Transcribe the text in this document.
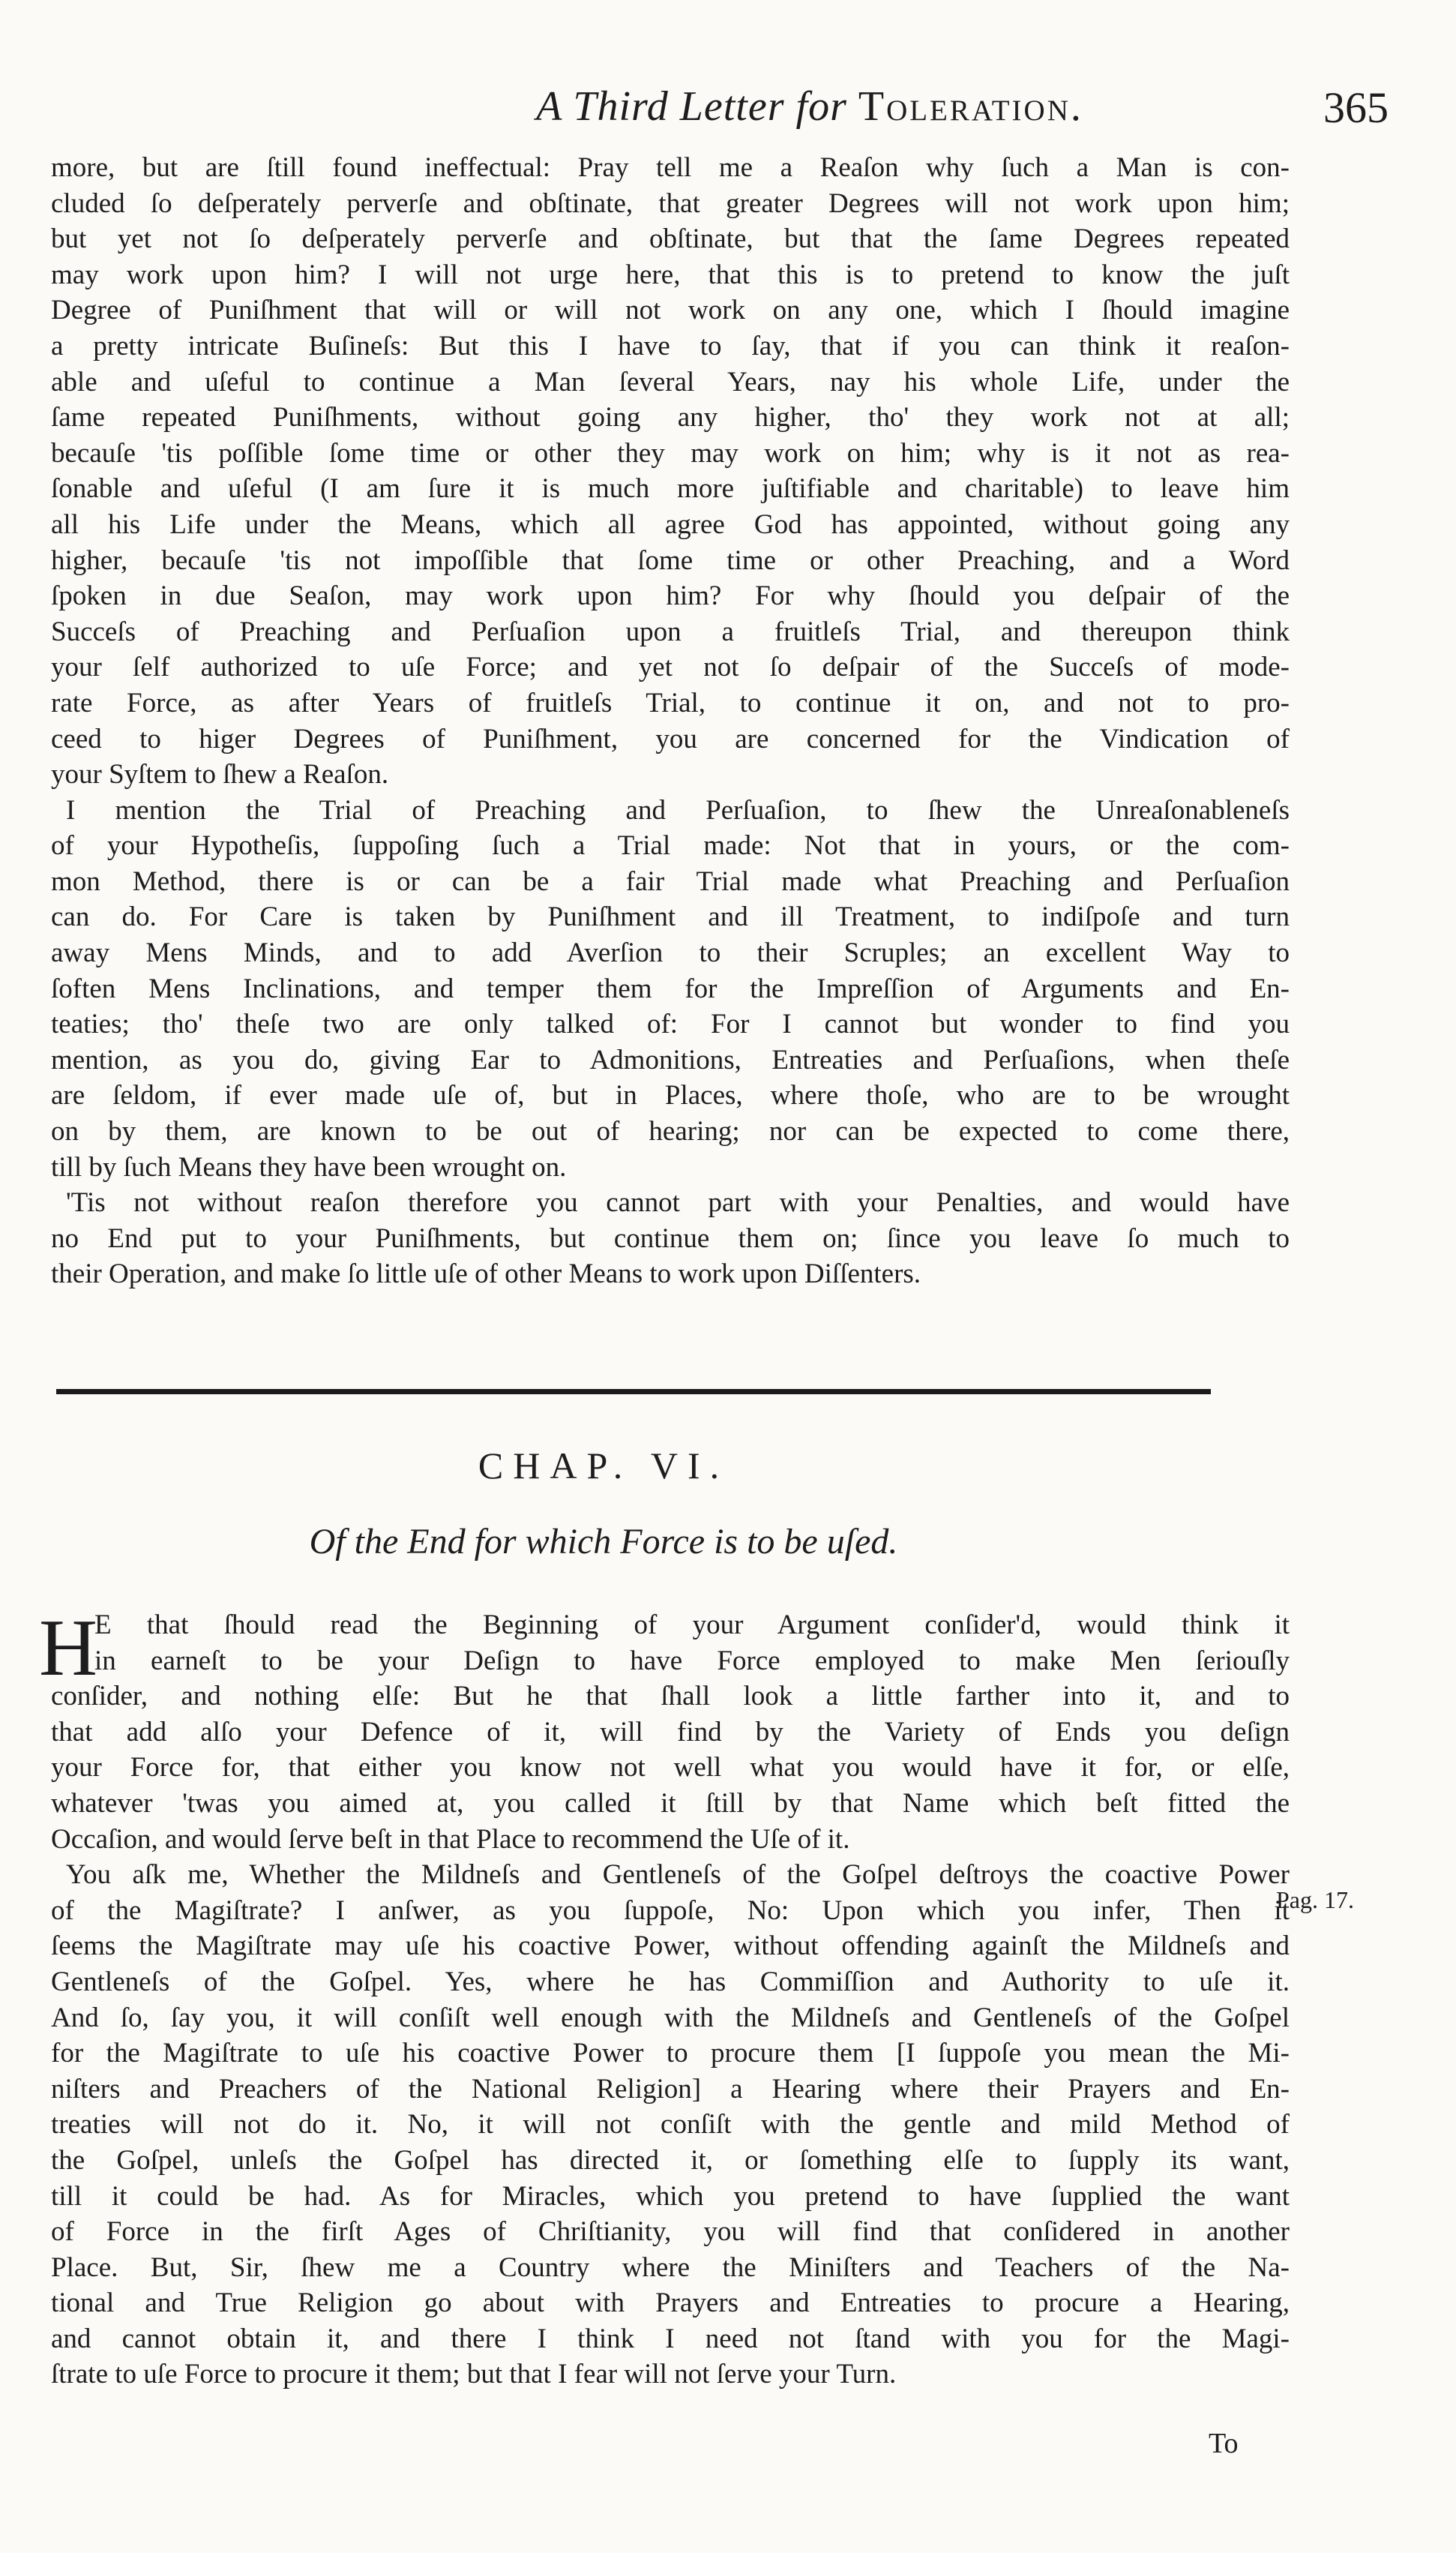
A Third Letter for Toleration.	365
more, but are ſtill found ineffectual: Pray tell me a Reaſon why ſuch a Man is con-
cluded ſo deſperately perverſe and obſtinate, that greater Degrees will not work upon him;
but yet not ſo deſperately perverſe and obſtinate, but that the ſame Degrees repeated
may work upon him? I will not urge here, that this is to pretend to know the juſt
Degree of Puniſhment that will or will not work on any one, which I ſhould imagine
a pretty intricate Buſineſs: But this I have to ſay, that if you can think it reaſon-
able and uſeful to continue a Man ſeveral Years, nay his whole Life, under the
ſame repeated Puniſhments, without going any higher, tho' they work not at all;
becauſe 'tis poſſible ſome time or other they may work on him; why is it not as rea-
ſonable and uſeful (I am ſure it is much more juſtifiable and charitable) to leave him
all his Life under the Means, which all agree God has appointed, without going any
higher, becauſe 'tis not impoſſible that ſome time or other Preaching, and a Word
ſpoken in due Seaſon, may work upon him? For why ſhould you deſpair of the
Succeſs of Preaching and Perſuaſion upon a fruitleſs Trial, and thereupon think
your ſelf authorized to uſe Force; and yet not ſo deſpair of the Succeſs of mode-
rate Force, as after Years of fruitleſs Trial, to continue it on, and not to pro-
ceed to higer Degrees of Puniſhment, you are concerned for the Vindication of
your Syſtem to ſhew a Reaſon.
I mention the Trial of Preaching and Perſuaſion, to ſhew the Unreaſonableneſs
of your Hypotheſis, ſuppoſing ſuch a Trial made: Not that in yours, or the com-
mon Method, there is or can be a fair Trial made what Preaching and Perſuaſion
can do. For Care is taken by Puniſhment and ill Treatment, to indiſpoſe and turn
away Mens Minds, and to add Averſion to their Scruples; an excellent Way to
ſoften Mens Inclinations, and temper them for the Impreſſion of Arguments and En-
teaties; tho' theſe two are only talked of: For I cannot but wonder to find you
mention, as you do, giving Ear to Admonitions, Entreaties and Perſuaſions, when theſe
are ſeldom, if ever made uſe of, but in Places, where thoſe, who are to be wrought
on by them, are known to be out of hearing; nor can be expected to come there,
till by ſuch Means they have been wrought on.
'Tis not without reaſon therefore you cannot part with your Penalties, and would have
no End put to your Puniſhments, but continue them on; ſince you leave ſo much to
their Operation, and make ſo little uſe of other Means to work upon Diſſenters.
CHAP. VI.
Of the End for which Force is to be uſed.
H
E that ſhould read the Beginning of your Argument conſider'd, would think it
in earneſt to be your Deſign to have Force employed to make Men ſeriouſly
conſider, and nothing elſe: But he that ſhall look a little farther into it, and to
that add alſo your Defence of it, will find by the Variety of Ends you deſign
your Force for, that either you know not well what you would have it for, or elſe,
whatever 'twas you aimed at, you called it ſtill by that Name which beſt fitted the
Occaſion, and would ſerve beſt in that Place to recommend the Uſe of it.
You aſk me, Whether the Mildneſs and Gentleneſs of the Goſpel deſtroys the coactive Power
of the Magiſtrate? I anſwer, as you ſuppoſe, No: Upon which you infer, Then it
ſeems the Magiſtrate may uſe his coactive Power, without offending againſt the Mildneſs and
Gentleneſs of the Goſpel. Yes, where he has Commiſſion and Authority to uſe it.
And ſo, ſay you, it will conſiſt well enough with the Mildneſs and Gentleneſs of the Goſpel
for the Magiſtrate to uſe his coactive Power to procure them [I ſuppoſe you mean the Mi-
niſters and Preachers of the National Religion] a Hearing where their Prayers and En-
treaties will not do it. No, it will not conſiſt with the gentle and mild Method of
the Goſpel, unleſs the Goſpel has directed it, or ſomething elſe to ſupply its want,
till it could be had. As for Miracles, which you pretend to have ſupplied the want
of Force in the firſt Ages of Chriſtianity, you will find that conſidered in another
Place. But, Sir, ſhew me a Country where the Miniſters and Teachers of the Na-
tional and True Religion go about with Prayers and Entreaties to procure a Hearing,
and cannot obtain it, and there I think I need not ſtand with you for the Magi-
ſtrate to uſe Force to procure it them; but that I fear will not ſerve your Turn.
Pag. 17.
To
